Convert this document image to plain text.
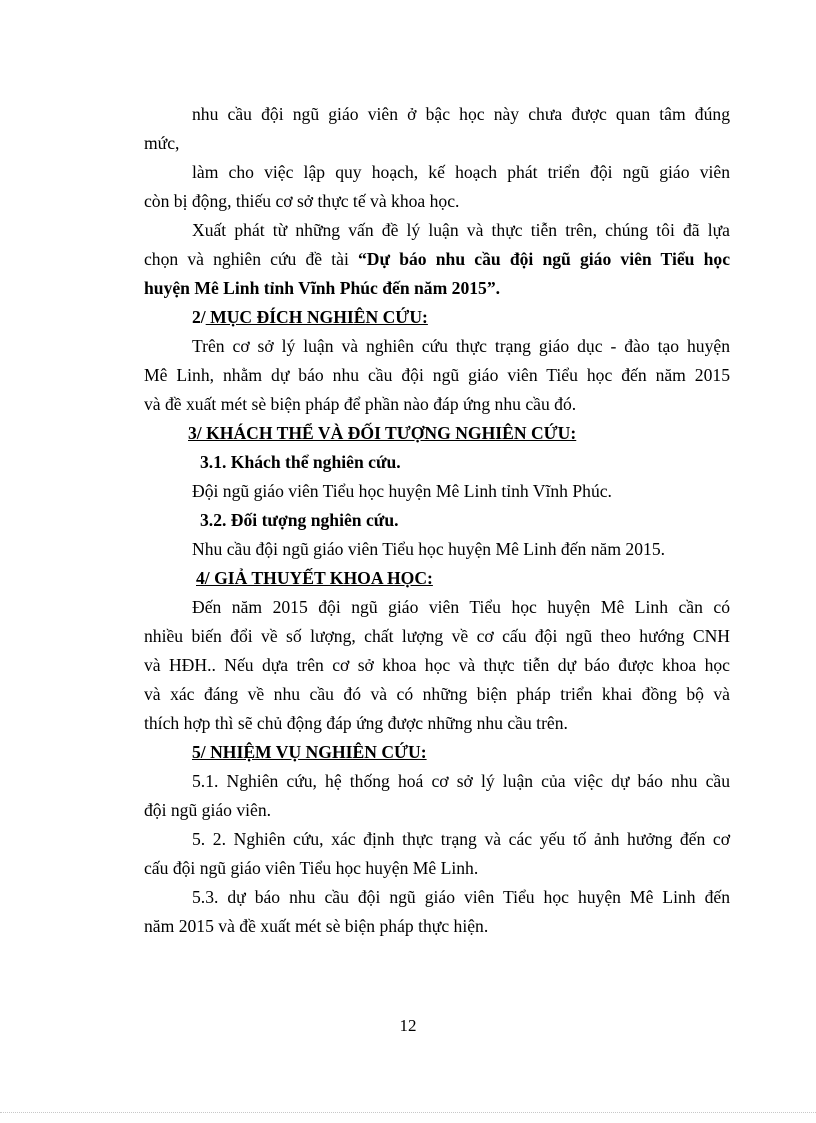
nhu cầu đội ngũ giáo viên ở bậc học này chưa được quan tâm đúng
mức,
làm cho việc lập quy hoạch, kế hoạch phát triển đội ngũ giáo viên
còn bị động, thiếu cơ sở thực tế và khoa học.
Xuất phát từ những vấn đề lý luận và thực tiễn trên, chúng tôi đã lựa
chọn và nghiên cứu đề tài “Dự báo nhu cầu đội ngũ giáo viên Tiểu học
huyện Mê Linh tỉnh Vĩnh Phúc đến năm 2015”.
2/ MỤC ĐÍCH NGHIÊN CỨU:
Trên cơ sở lý luận và nghiên cứu thực trạng giáo dục - đào tạo huyện
Mê Linh, nhằm dự báo nhu cầu đội ngũ giáo viên Tiểu học đến năm 2015
và đề xuất mét sè biện pháp để phần nào đáp ứng nhu cầu đó.
3/ KHÁCH THỂ VÀ ĐỐI TƯỢNG NGHIÊN CỨU:
3.1. Khách thể nghiên cứu.
Đội ngũ giáo viên Tiểu học huyện Mê Linh tỉnh Vĩnh Phúc.
3.2. Đối tượng nghiên cứu.
Nhu cầu đội ngũ giáo viên Tiểu học huyện Mê Linh đến năm 2015.
4/ GIẢ THUYẾT KHOA HỌC:
Đến năm 2015 đội ngũ giáo viên Tiểu học huyện Mê Linh cần có
nhiều biến đổi về số lượng, chất lượng về cơ cấu đội ngũ theo hướng CNH
và HĐH.. Nếu dựa trên cơ sở khoa học và thực tiễn dự báo được khoa học
và xác đáng về nhu cầu đó và có những biện pháp triển khai đồng bộ và
thích hợp thì sẽ chủ động đáp ứng được những nhu cầu trên.
5/ NHIỆM VỤ NGHIÊN CỨU:
5.1. Nghiên cứu, hệ thống hoá cơ sở lý luận của việc dự báo nhu cầu
đội ngũ giáo viên.
5. 2. Nghiên cứu, xác định thực trạng và các yếu tố ảnh hưởng đến cơ
cấu đội ngũ giáo viên Tiểu học huyện Mê Linh.
5.3. dự báo nhu cầu đội ngũ giáo viên Tiểu học huyện Mê Linh đến
năm 2015 và đề xuất mét sè biện pháp thực hiện.
12
